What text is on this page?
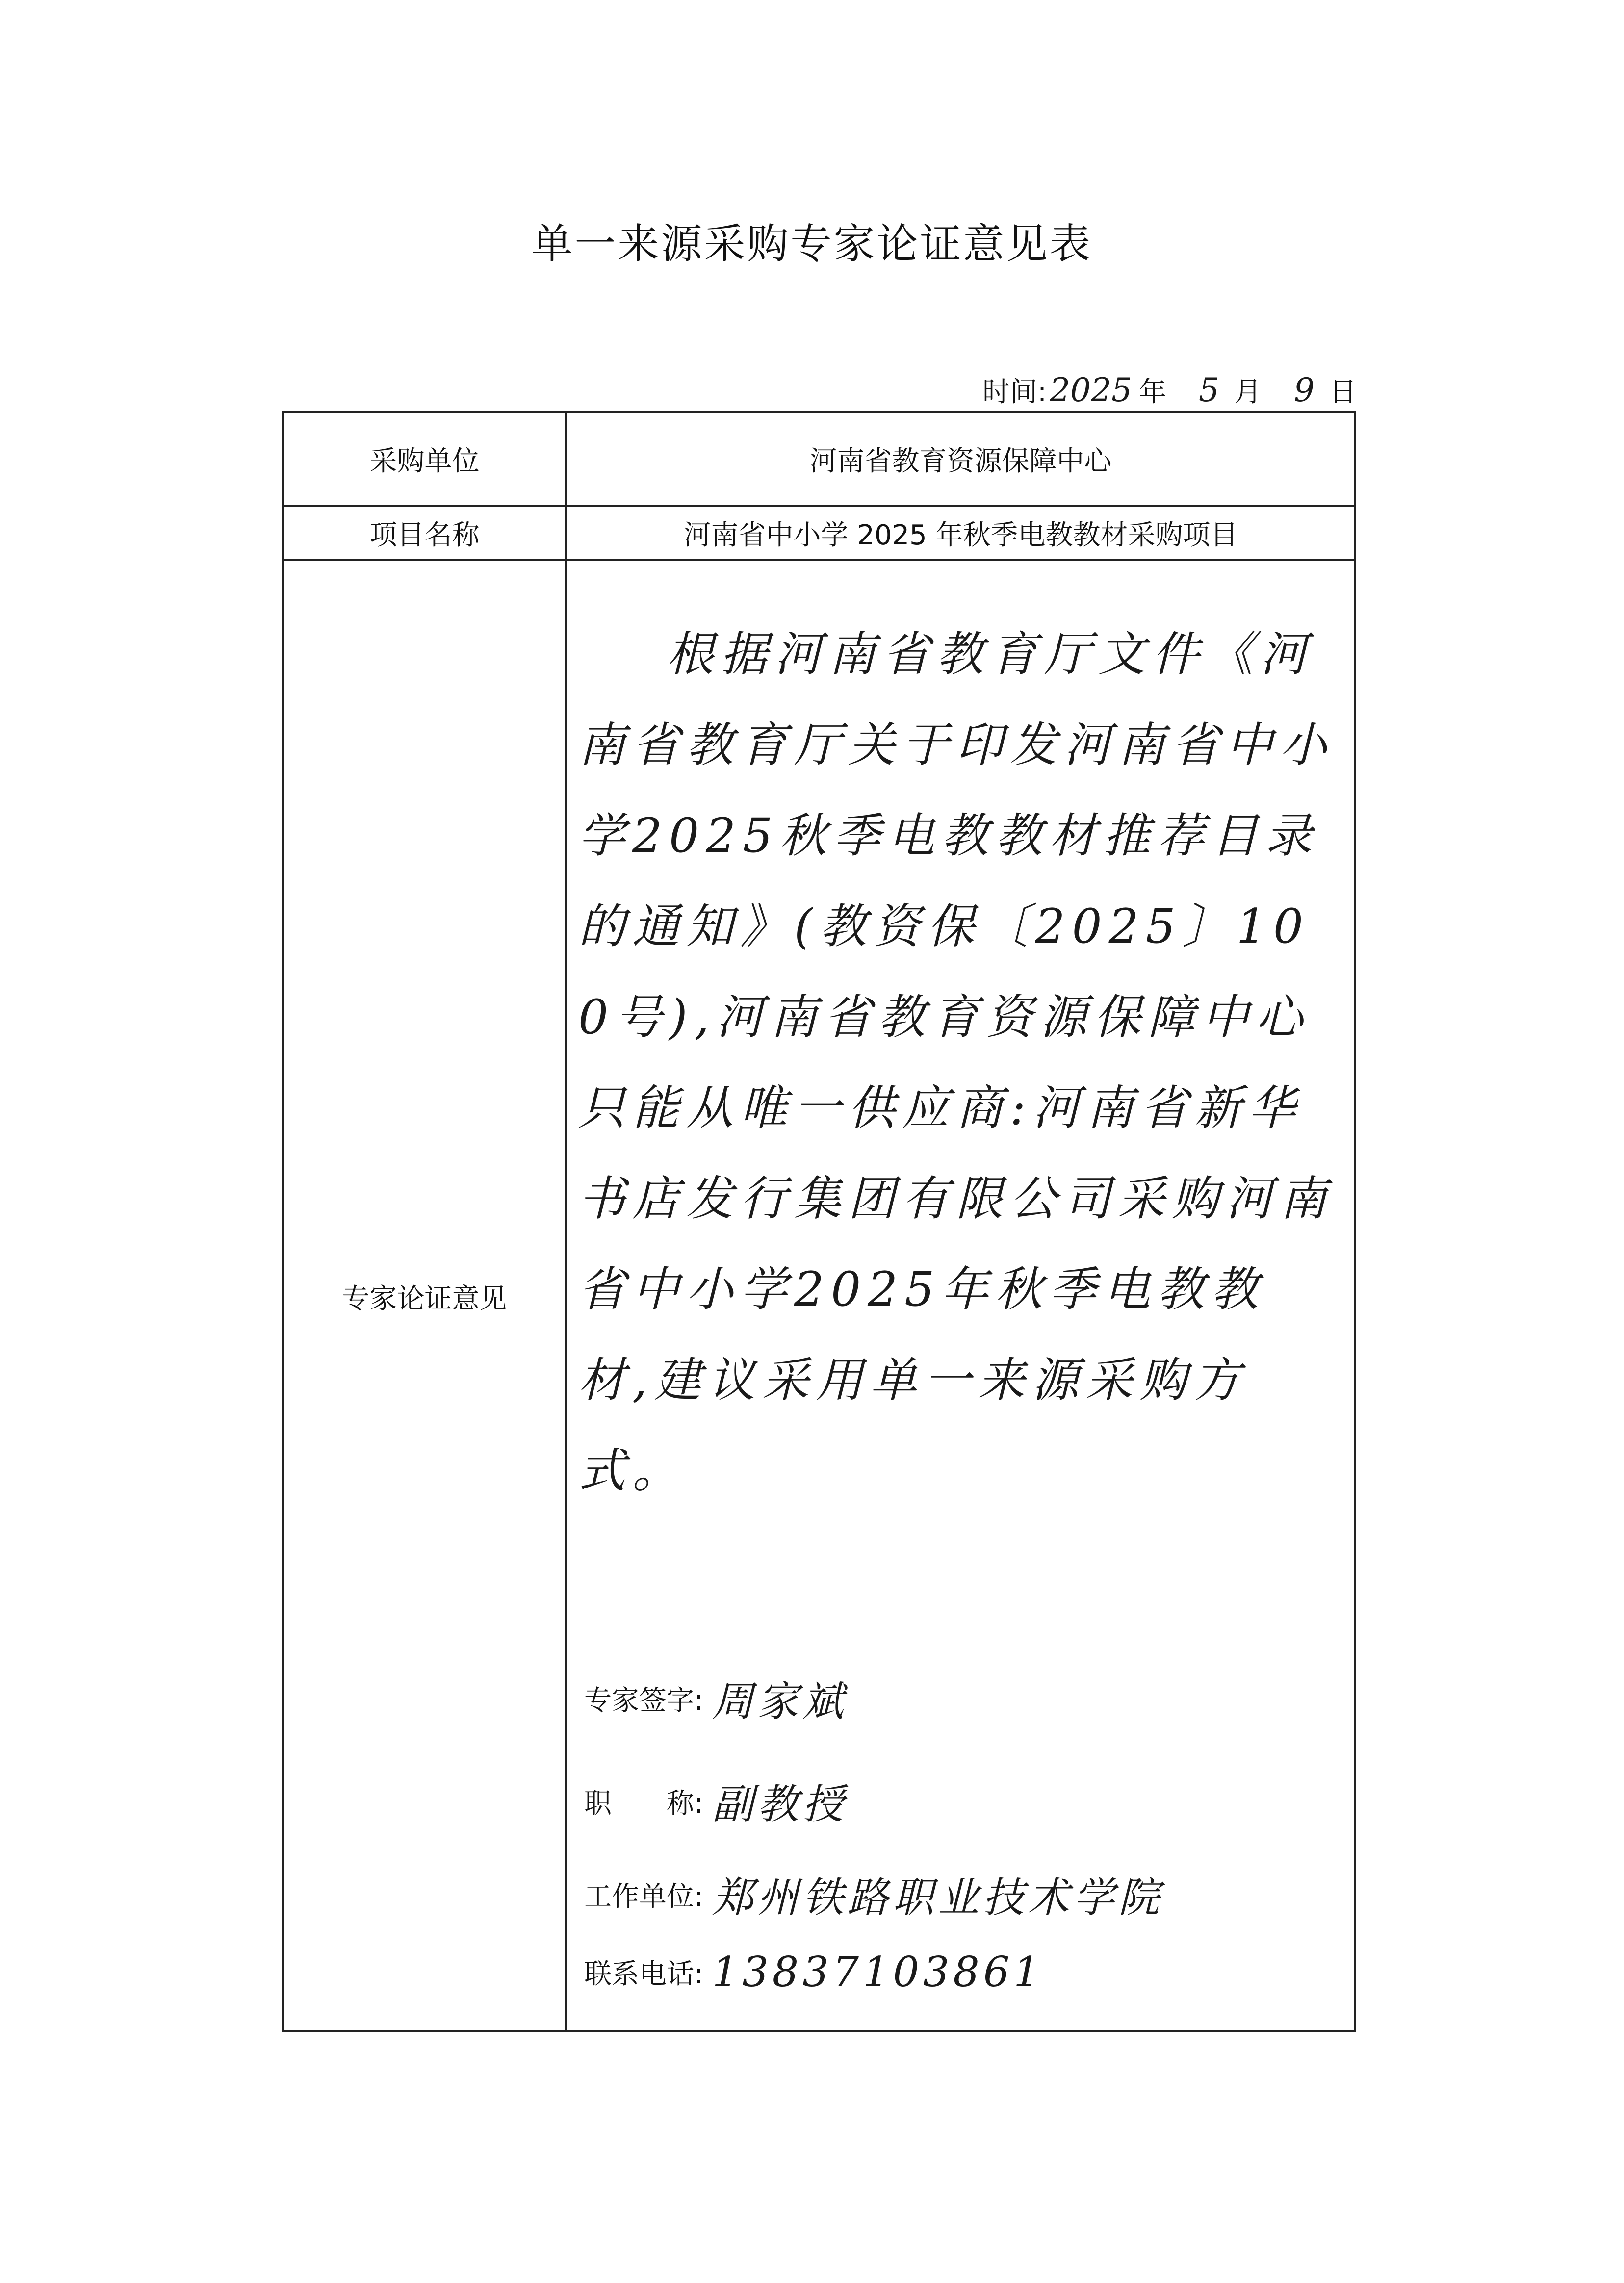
单一来源采购专家论证意见表
时间: 2025 年 5 月 9 日
采购单位	河南省教育资源保障中心
项目名称	河南省中小学 2025 年秋季电教教材采购项目
专家论证意见
根据河南省教育厅文件《河南省教育厅关于印发河南省中小学2025秋季电教教材推荐目录的通知》(教资保〔2025〕100号),河南省教育资源保障中心只能从唯一供应商:河南省新华书店发行集团有限公司采购河南省中小学2025年秋季电教教材,建议采用单一来源采购方式。
专家签字: 周家斌
职　　称: 副教授
工作单位: 郑州铁路职业技术学院
联系电话: 13837103861
